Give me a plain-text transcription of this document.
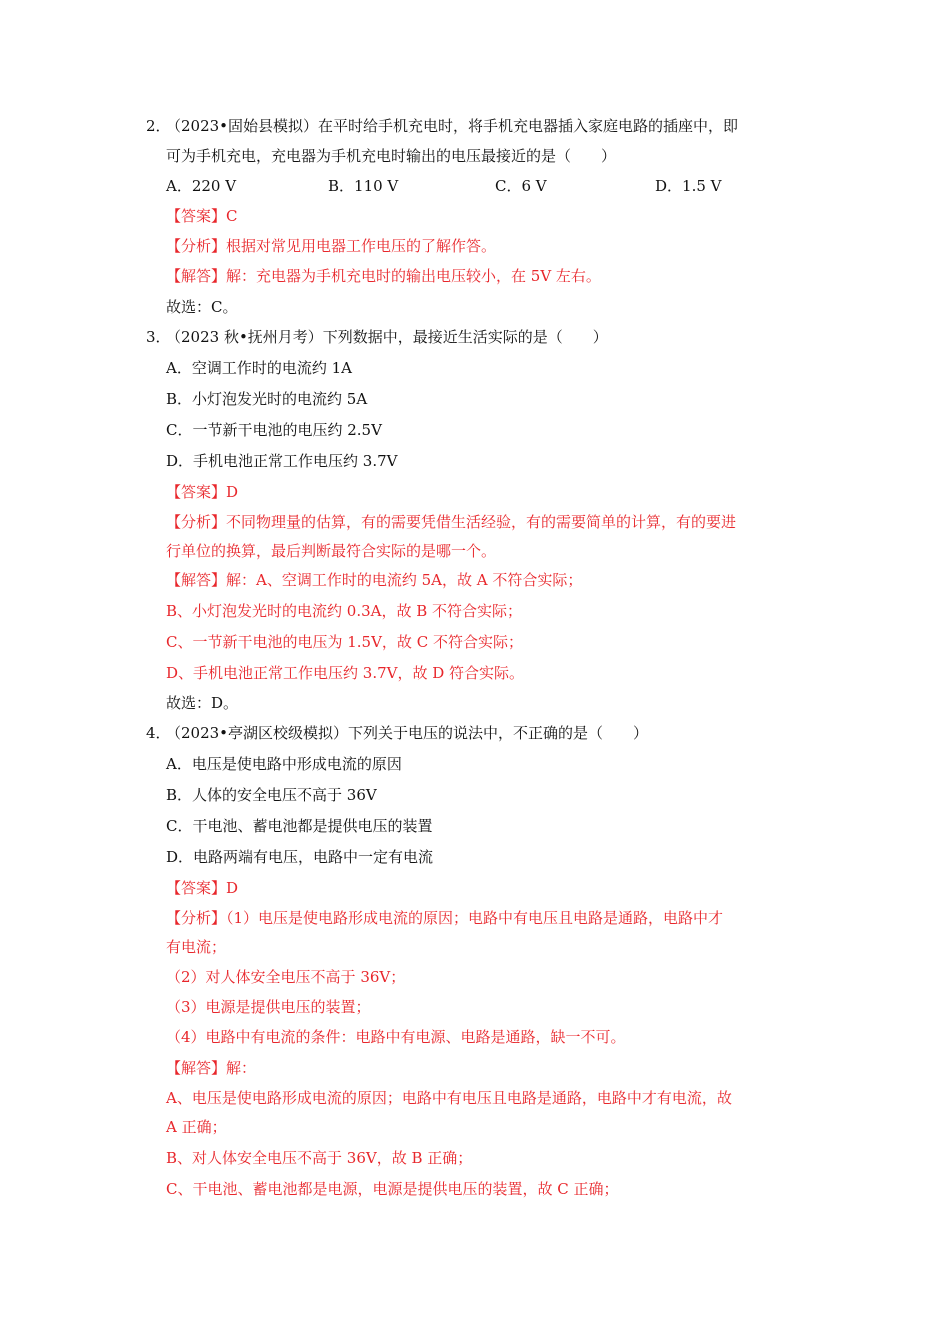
2．
（2023•固始县模拟）在平时给手机充电时，将手机充电器插入家庭电路的插座中，即
可为手机充电，充电器为手机充电时输出的电压最接近的是（　　）
A．220 V	B．110 V	C．6 V	D．1.5 V
【答案】C
【分析】根据对常见用电器工作电压的了解作答。
【解答】解：充电器为手机充电时的输出电压较小，在 5V 左右。
故选：C。
3．
（2023 秋•抚州月考）下列数据中，最接近生活实际的是（　　）
A．空调工作时的电流约 1A
B．小灯泡发光时的电流约 5A
C．一节新干电池的电压约 2.5V
D．手机电池正常工作电压约 3.7V
【答案】D
【分析】不同物理量的估算，有的需要凭借生活经验，有的需要简单的计算，有的要进
行单位的换算，最后判断最符合实际的是哪一个。
【解答】解：A、空调工作时的电流约 5A，故 A 不符合实际；
B、小灯泡发光时的电流约 0.3A，故 B 不符合实际；
C、一节新干电池的电压为 1.5V，故 C 不符合实际；
D、手机电池正常工作电压约 3.7V，故 D 符合实际。
故选：D。
4．
（2023•亭湖区校级模拟）下列关于电压的说法中，不正确的是（　　）
A．电压是使电路中形成电流的原因
B．人体的安全电压不高于 36V
C．干电池、蓄电池都是提供电压的装置
D．电路两端有电压，电路中一定有电流
【答案】D
【分析】（1）电压是使电路形成电流的原因；电路中有电压且电路是通路，电路中才
有电流；
（2）对人体安全电压不高于 36V；
（3）电源是提供电压的装置；
（4）电路中有电流的条件：电路中有电源、电路是通路，缺一不可。
【解答】解：
A、电压是使电路形成电流的原因；电路中有电压且电路是通路，电路中才有电流，故
A 正确；
B、对人体安全电压不高于 36V，故 B 正确；
C、干电池、蓄电池都是电源，电源是提供电压的装置，故 C 正确；
